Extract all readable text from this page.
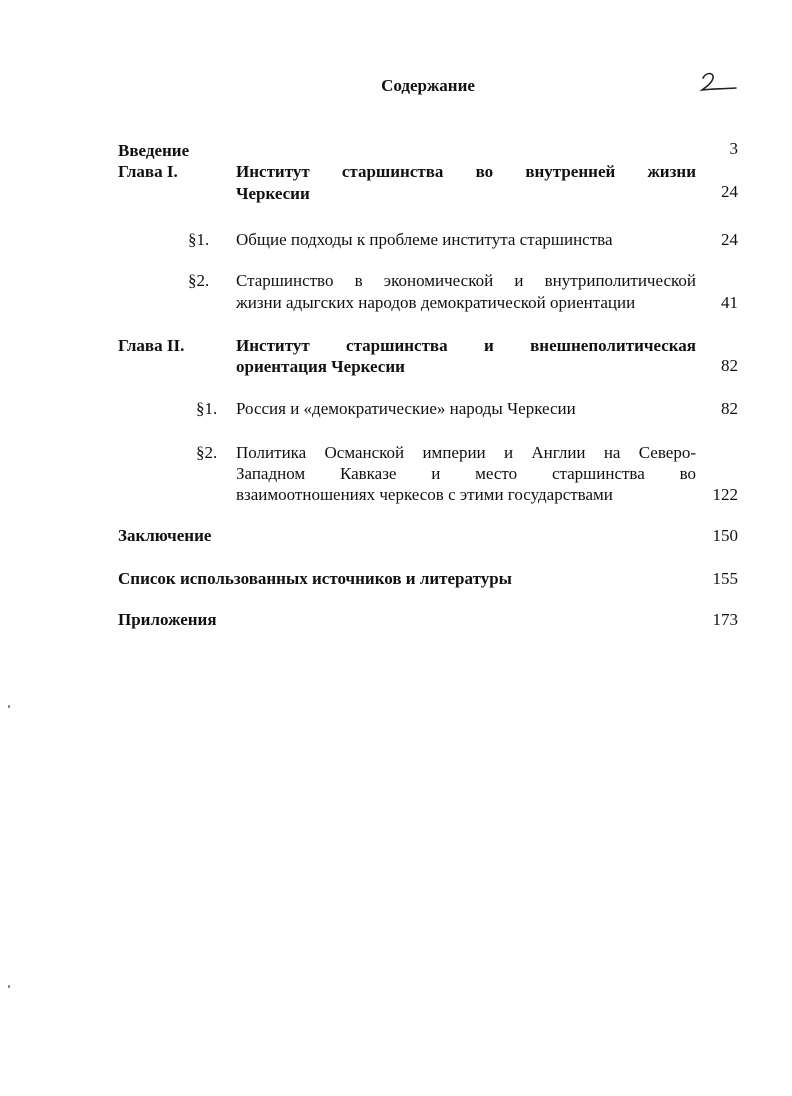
Содержание
Введение	3
Глава I.	Институт старшинства во внутренней жизни
Черкесии	24
§1. Общие подходы к проблеме института старшинства	24
§2. Старшинство в экономической и внутриполитической
жизни адыгских народов демократической ориентации	41
Глава II.	Институт старшинства и внешнеполитическая
ориентация Черкесии	82
§1. Россия и «демократические» народы Черкесии	82
§2. Политика Османской империи и Англии на Северо-
Западном Кавказе и место старшинства во
взаимоотношениях черкесов с этими государствами	122
Заключение	150
Список использованных источников и литературы	155
Приложения	173
